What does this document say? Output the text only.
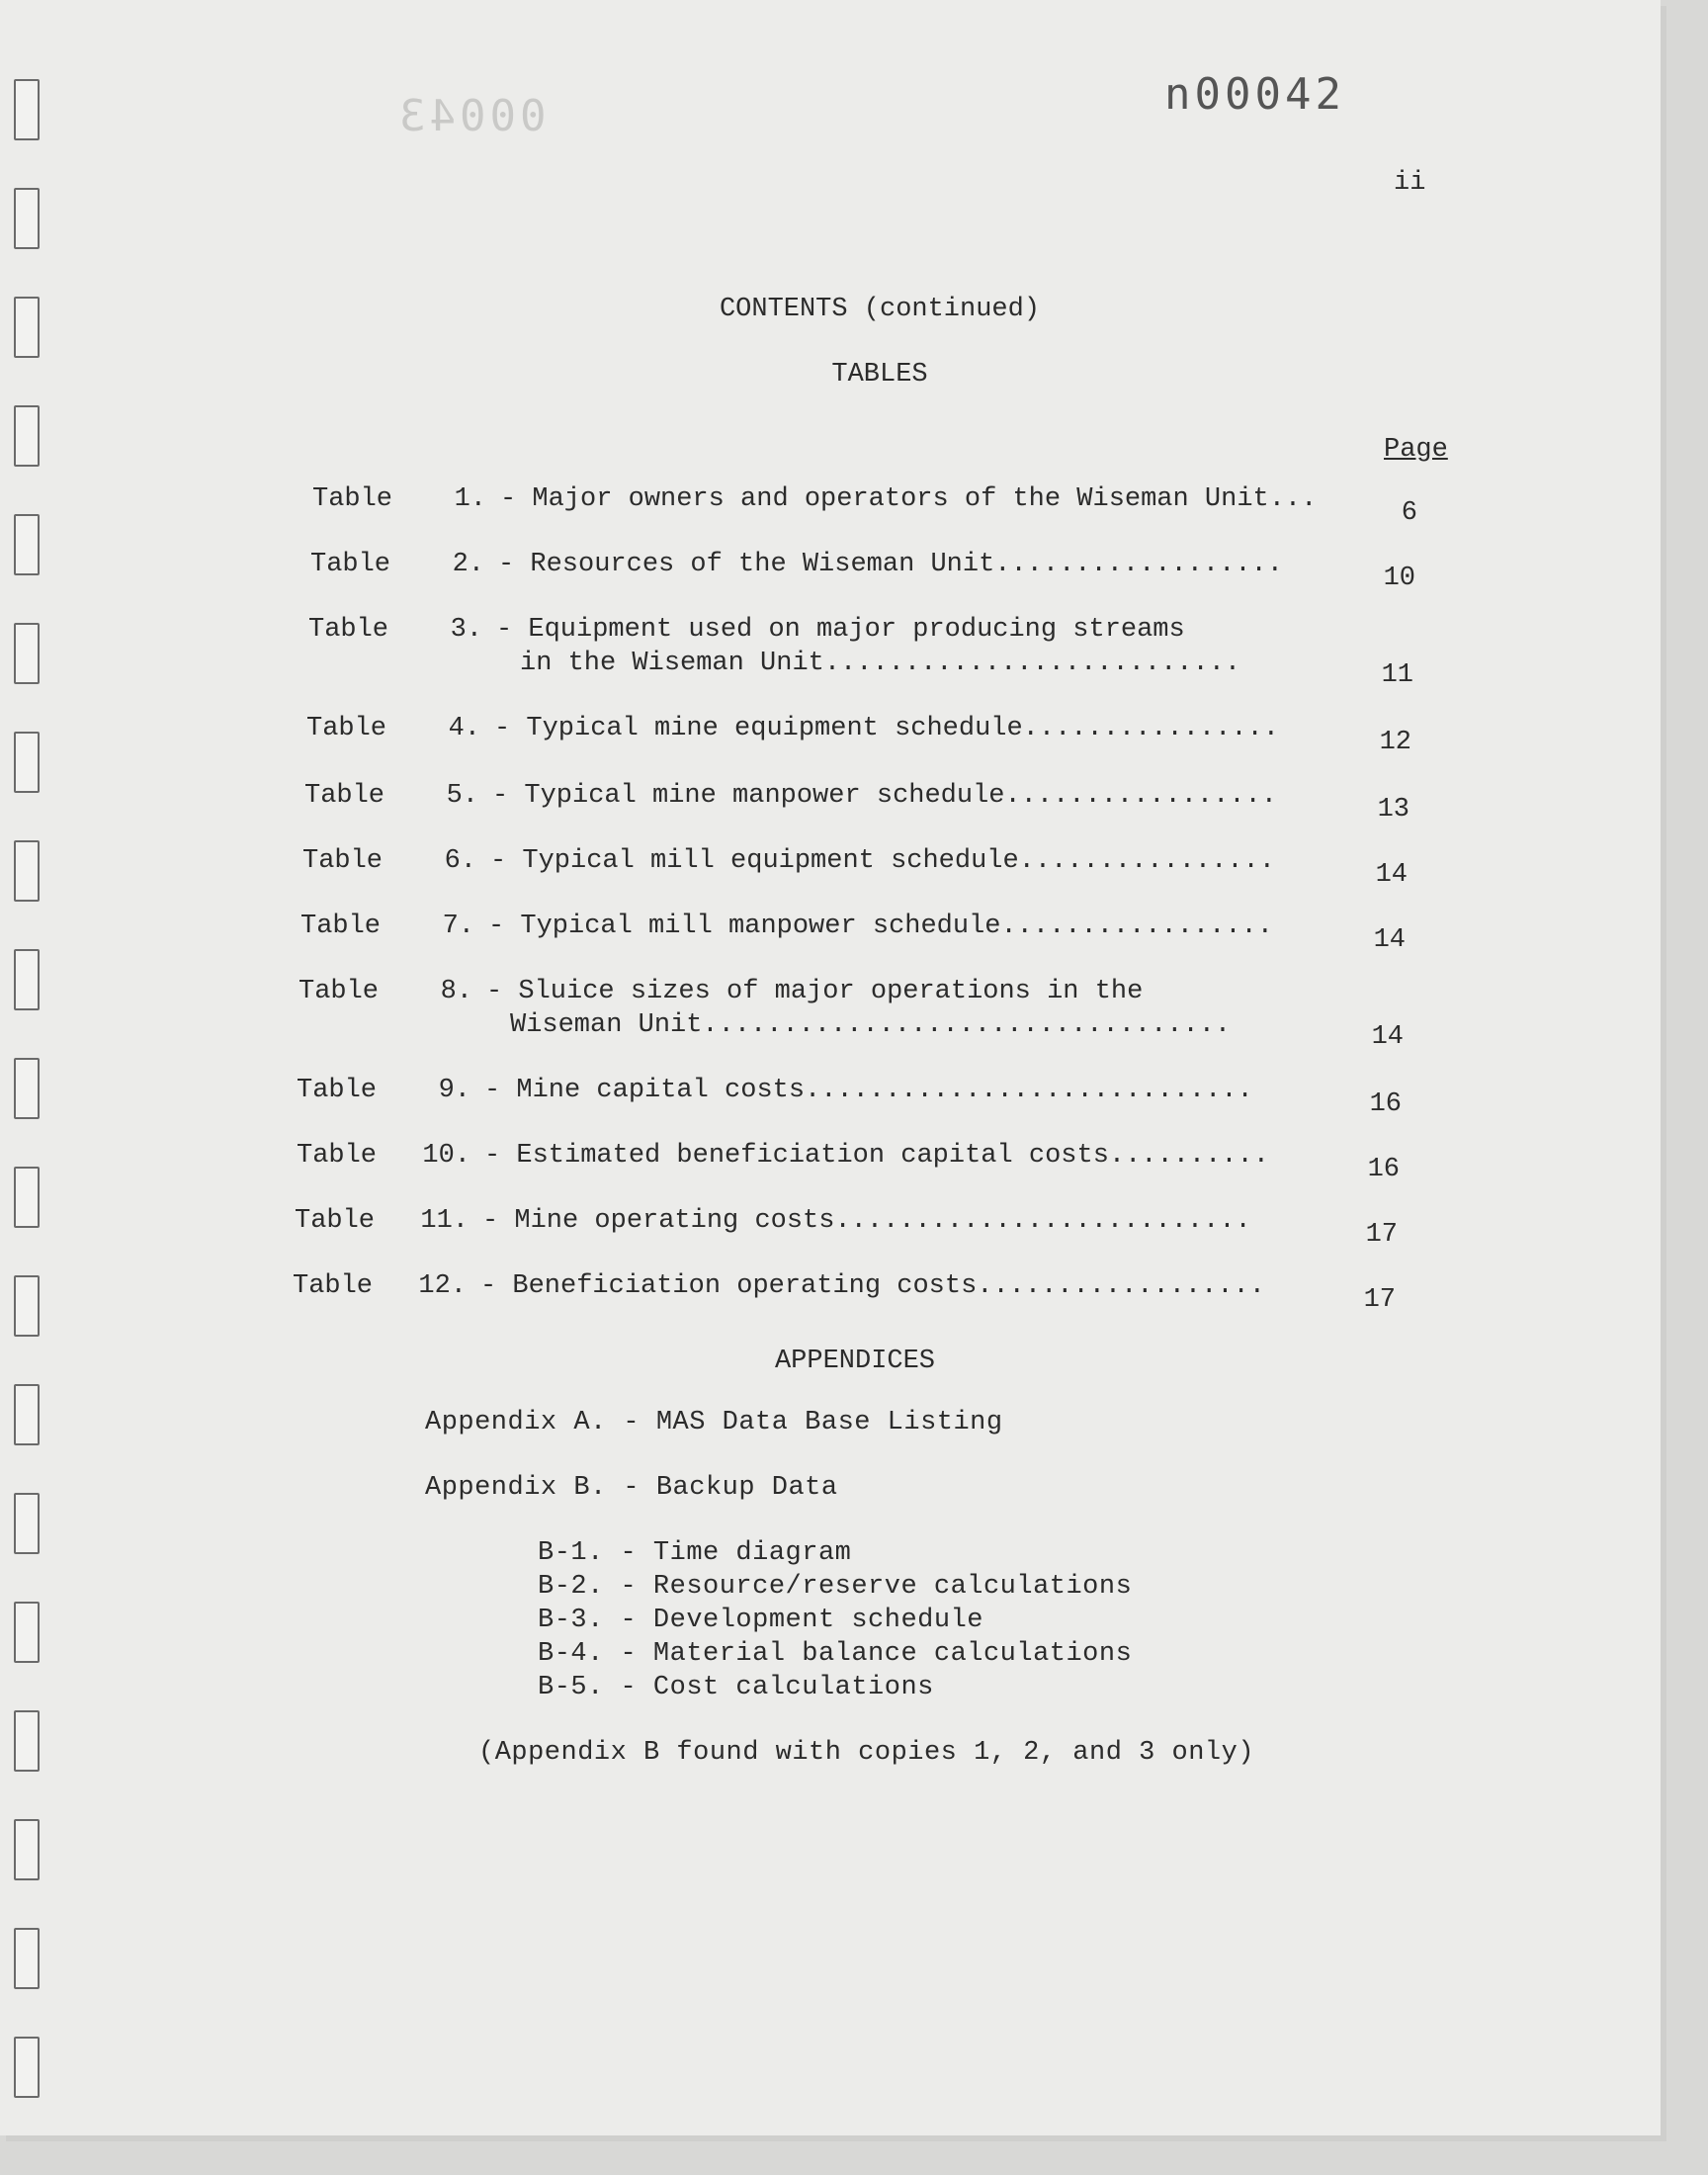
00043	n00042
ii
CONTENTS (continued)
TABLES
Page
Table 1. - Major owners and operators of the Wiseman Unit...	6
Table 2. - Resources of the Wiseman Unit..................	10
Table 3. - Equipment used on major producing streams
in the Wiseman Unit..........................	11
Table 4. - Typical mine equipment schedule................	12
Table 5. - Typical mine manpower schedule.................	13
Table 6. - Typical mill equipment schedule................	14
Table 7. - Typical mill manpower schedule.................	14
Table 8. - Sluice sizes of major operations in the
Wiseman Unit.................................	14
Table 9. - Mine capital costs............................	16
Table 10. - Estimated beneficiation capital costs..........	16
Table 11. - Mine operating costs..........................	17
Table 12. - Beneficiation operating costs..................	17
APPENDICES
Appendix A. - MAS Data Base Listing
Appendix B. - Backup Data
B-1. - Time diagram
B-2. - Resource/reserve calculations
B-3. - Development schedule
B-4. - Material balance calculations
B-5. - Cost calculations
(Appendix B found with copies 1, 2, and 3 only)
